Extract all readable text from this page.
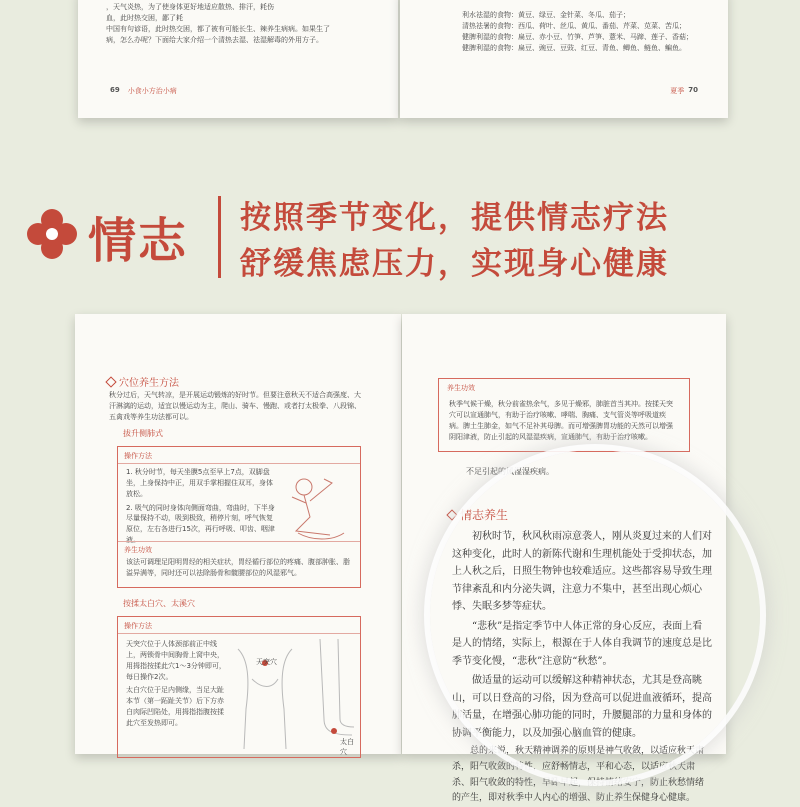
，天气炎热，为了使身体更好地适应散热、排汗，耗伤
血，此时热交困，鄙了耗
中国有句谚语，此时热交困，都了被有可能长生、辣养生病病。如果生了
病，怎么办呢？下面给大家介绍一个清热去湿、祛湿解毒的外用方子。
69 小食小方治小病
利水祛湿的食物：黄豆、绿豆、金针菜、冬瓜、茄子；
清热祛暑的食物：西瓜、荷叶、丝瓜、黄瓜、番茄、芹菜、苋菜、苦瓜；
健脾利湿的食物：扁豆、赤小豆、竹笋、芦笋、薏米、马蹄、莲子、香菇；
健脾利湿的食物：扁豆、豌豆、豆豉、红豆、青鱼、鲫鱼、鲢鱼、鳊鱼。
夏季 70
情志 按照季节变化，提供情志疗法
舒缓焦虑压力，实现身心健康
穴位养生方法
秋分过后，天气转凉，是开展运动锻炼的好时节。但要注意秋天不适合高强度、大汗淋漓的运动，适宜以慢运动为主，爬山、骑车、慢跑、或者打太极拳、八段锦、五禽戏等养生功法都可以。
拔升侧肺式
操作方法
1. 秋分时节，每天坐膜5点至早上7点，双脚盘坐，上身保持中正，用双手掌相握住双耳，身体放松。
2. 吸气的同时身体向侧面弯曲，弯曲时，下半身尽量保持不动，吸到极致，稍停片刻，呼气恢复原位，左右各进行15次，再行呼吸、叩齿、咽津
养生功效
该法可调理足阳明胃经的相关症状，胃经循行部位的疼痛、腹部肿胀、脂溢异满等，同时还可以祛除肠骨和髋腰部位的风湿邪气。
按揉太白穴、太溪穴
操作方法
天突穴位于人体颈部前正中线上，两锁骨中间胸骨上窝中央，用拇指按揉此穴1～3分钟即可，每日操作2次。
太白穴位于足内侧缘，当足大趾本节（第一跖趾关节）后下方赤白肉际凹陷处，用拇指指腹按揉此穴至发热即可。
天突穴
太白穴
养生功效
秋季气候干燥，秋分前雀热余气，多见于燥邪，肺脏首当其冲。按揉天突穴可以宣通肺气，有助于治疗咳嗽、哮喘、胸痛、支气管炎等呼吸道疾病。脾土生肺金，如气不足补其母脾。而可增强脾胃功能的天然可以增强阴阳津液，防止引起的风湿湿疾病，宣通肺气，有助于治疗咳嗽。
不足引起的风湿湿疾病。
情志养生

初秋时节，秋风秋雨凉意袭人，刚从炎夏过来的人们对这种变化，此时人的新陈代谢和生理机能处于受抑状态，加上人秋之后，日照生物钟也较难适应。这些都容易导致生理节律紊乱和内分泌失调，注意力不集中，甚至出现心烦心悸、失眠多梦等症状。

“悲秋”是指定季节中人体正常的身心反应，表面上看是人的情绪，实际上，根源在于人体自我调节的速度总是比季节变化慢，“悲秋”注意防“秋愁”。

做适量的运动可以缓解这种精神状态，尤其是登高眺山，可以日登高的习俗，因为登高可以促进血液循环，提高肺活量，在增强心肺功能的同时，升腰腿部的力量和身体的协调平衡能力，以及加强心脑血管的健康。

总的来说，秋天精神调养的原则是神气收敛，以适应秋天肃杀，阳气收敛的特性，应舒畅情志，平和心态，以适应秋天肃杀、阳气收敛的特性，早卧早起，保持情绪安宁，防止秋愁情绪的产生，即对秋季中人内心的增强、防止养生保健身心健康。
